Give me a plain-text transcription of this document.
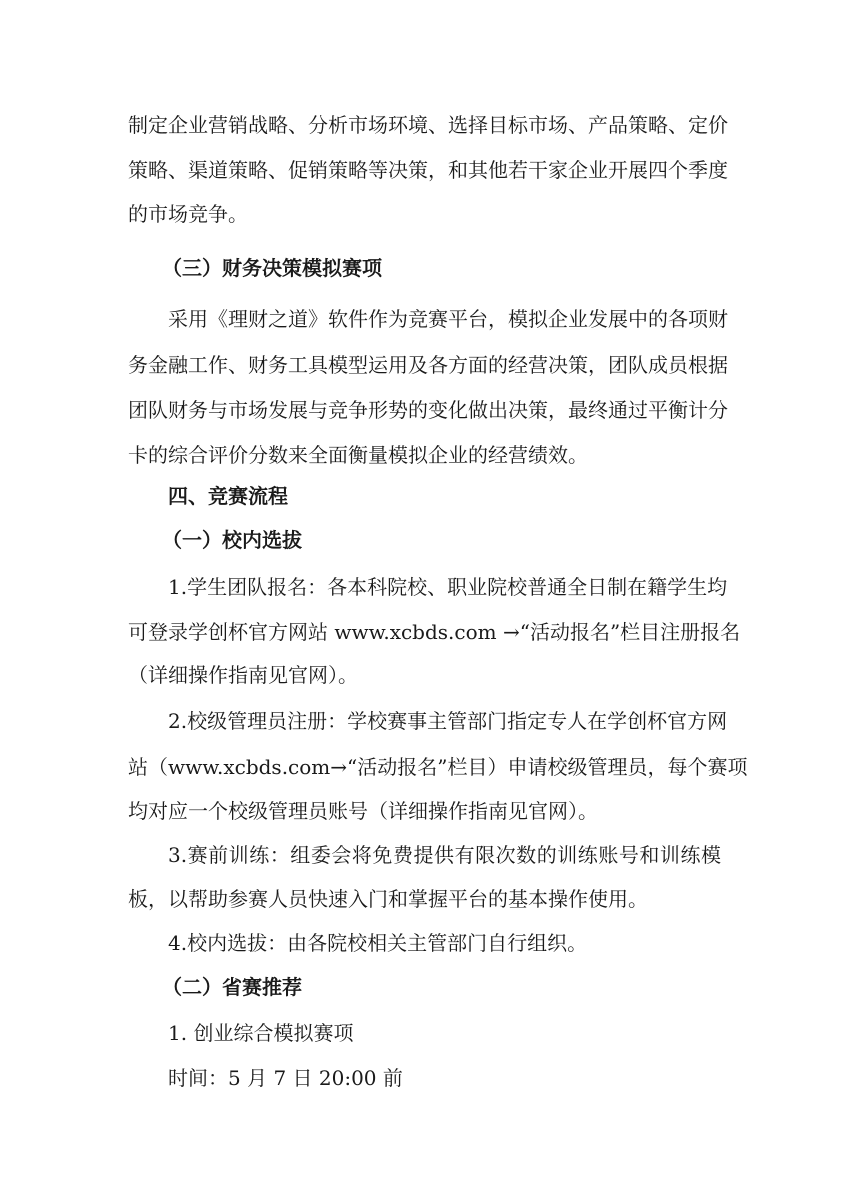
制定企业营销战略、分析市场环境、选择目标市场、产品策略、定价
策略、渠道策略、促销策略等决策，和其他若干家企业开展四个季度
的市场竞争。
（三）财务决策模拟赛项
采用《理财之道》软件作为竞赛平台，模拟企业发展中的各项财
务金融工作、财务工具模型运用及各方面的经营决策，团队成员根据
团队财务与市场发展与竞争形势的变化做出决策，最终通过平衡计分
卡的综合评价分数来全面衡量模拟企业的经营绩效。
四、竞赛流程
（一）校内选拔
1.学生团队报名：各本科院校、职业院校普通全日制在籍学生均
可登录学创杯官方网站 www.xcbds.com →“活动报名”栏目注册报名
（详细操作指南见官网）。
2.校级管理员注册：学校赛事主管部门指定专人在学创杯官方网
站（www.xcbds.com→“活动报名”栏目）申请校级管理员，每个赛项
均对应一个校级管理员账号（详细操作指南见官网）。
3.赛前训练：组委会将免费提供有限次数的训练账号和训练模
板，以帮助参赛人员快速入门和掌握平台的基本操作使用。
4.校内选拔：由各院校相关主管部门自行组织。
（二）省赛推荐
1. 创业综合模拟赛项
时间：5 月 7 日 20:00 前
